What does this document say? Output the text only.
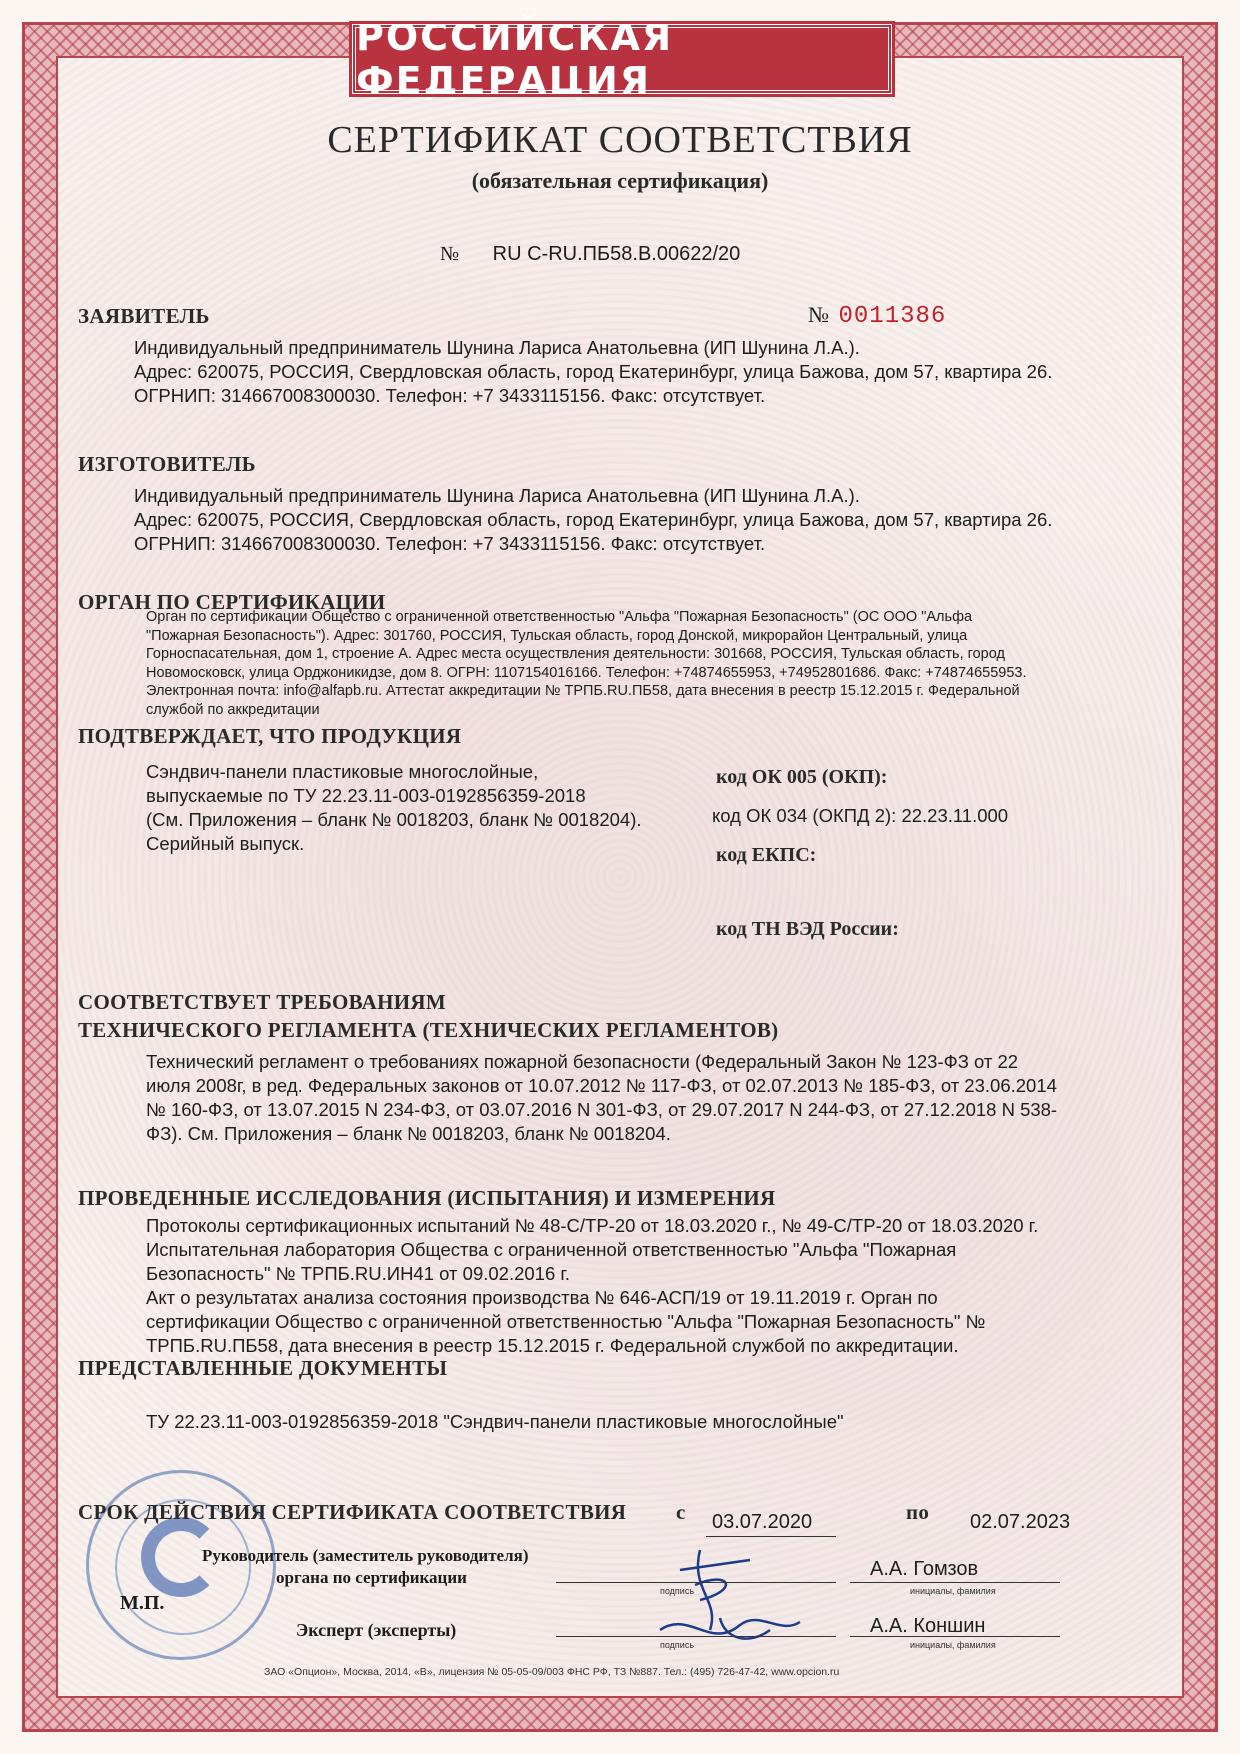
РОССИЙСКАЯ ФЕДЕРАЦИЯ
СЕРТИФИКАТ СООТВЕТСТВИЯ
(обязательная сертификация)
№ RU C-RU.ПБ58.В.00622/20
ЗАЯВИТЕЛЬ	№ 0011386
Индивидуальный предприниматель Шунина Лариса Анатольевна (ИП Шунина Л.А.).
Адрес: 620075, РОССИЯ, Свердловская область, город Екатеринбург, улица Бажова, дом 57, квартира 26.
ОГРНИП: 314667008300030. Телефон: +7 3433115156. Факс: отсутствует.
ИЗГОТОВИТЕЛЬ
Индивидуальный предприниматель Шунина Лариса Анатольевна (ИП Шунина Л.А.).
Адрес: 620075, РОССИЯ, Свердловская область, город Екатеринбург, улица Бажова, дом 57, квартира 26.
ОГРНИП: 314667008300030. Телефон: +7 3433115156. Факс: отсутствует.
ОРГАН ПО СЕРТИФИКАЦИИ
Орган по сертификации Общество с ограниченной ответственностью "Альфа "Пожарная Безопасность" (ОС ООО "Альфа
"Пожарная Безопасность"). Адрес: 301760, РОССИЯ, Тульская область, город Донской, микрорайон Центральный, улица
Горноспасательная, дом 1, строение А. Адрес места осуществления деятельности: 301668, РОССИЯ, Тульская область, город
Новомосковск, улица Орджоникидзе, дом 8. ОГРН: 1107154016166. Телефон: +74874655953, +74952801686. Факс: +74874655953.
Электронная почта: info@alfapb.ru. Аттестат аккредитации № ТРПБ.RU.ПБ58, дата внесения в реестр 15.12.2015 г. Федеральной
службой по аккредитации
ПОДТВЕРЖДАЕТ, ЧТО ПРОДУКЦИЯ
Сэндвич-панели пластиковые многослойные,
выпускаемые по ТУ 22.23.11-003-0192856359-2018
(См. Приложения – бланк № 0018203, бланк № 0018204).
Серийный выпуск.
код ОК 005 (ОКП):
код ОК 034 (ОКПД 2): 22.23.11.000
код ЕКПС:
код ТН ВЭД России:
СООТВЕТСТВУЕТ ТРЕБОВАНИЯМ
ТЕХНИЧЕСКОГО РЕГЛАМЕНТА (ТЕХНИЧЕСКИХ РЕГЛАМЕНТОВ)
Технический регламент о требованиях пожарной безопасности (Федеральный Закон № 123-ФЗ от 22
июля 2008г, в ред. Федеральных законов от 10.07.2012 № 117-ФЗ, от 02.07.2013 № 185-ФЗ, от 23.06.2014
№ 160-ФЗ, от 13.07.2015 N 234-ФЗ, от 03.07.2016 N 301-ФЗ, от 29.07.2017 N 244-ФЗ, от 27.12.2018 N 538-
ФЗ). См. Приложения – бланк № 0018203, бланк № 0018204.
ПРОВЕДЕННЫЕ ИССЛЕДОВАНИЯ (ИСПЫТАНИЯ) И ИЗМЕРЕНИЯ
Протоколы сертификационных испытаний № 48-С/ТР-20 от 18.03.2020 г., № 49-С/ТР-20 от 18.03.2020 г.
Испытательная лаборатория Общества с ограниченной ответственностью "Альфа "Пожарная
Безопасность" № ТРПБ.RU.ИН41 от 09.02.2016 г.
Акт о результатах анализа состояния производства № 646-АСП/19 от 19.11.2019 г. Орган по
сертификации Общество с ограниченной ответственностью "Альфа "Пожарная Безопасность" №
ТРПБ.RU.ПБ58, дата внесения в реестр 15.12.2015 г. Федеральной службой по аккредитации.
ПРЕДСТАВЛЕННЫЕ ДОКУМЕНТЫ
ТУ 22.23.11-003-0192856359-2018 "Сэндвич-панели пластиковые многослойные"
СРОК ДЕЙСТВИЯ СЕРТИФИКАТА СООТВЕТСТВИЯ с 03.07.2020	по 02.07.2023
Руководитель (заместитель руководителя)
органа по сертификации
подпись
А.А. Гомзов
инициалы, фамилия
М.П.
Эксперт (эксперты)
подпись
А.А. Коншин
инициалы, фамилия
ЗАО «Опцион», Москва, 2014, «В», лицензия № 05-05-09/003 ФНС РФ, ТЗ №887. Тел.: (495) 726-47-42, www.opcion.ru
